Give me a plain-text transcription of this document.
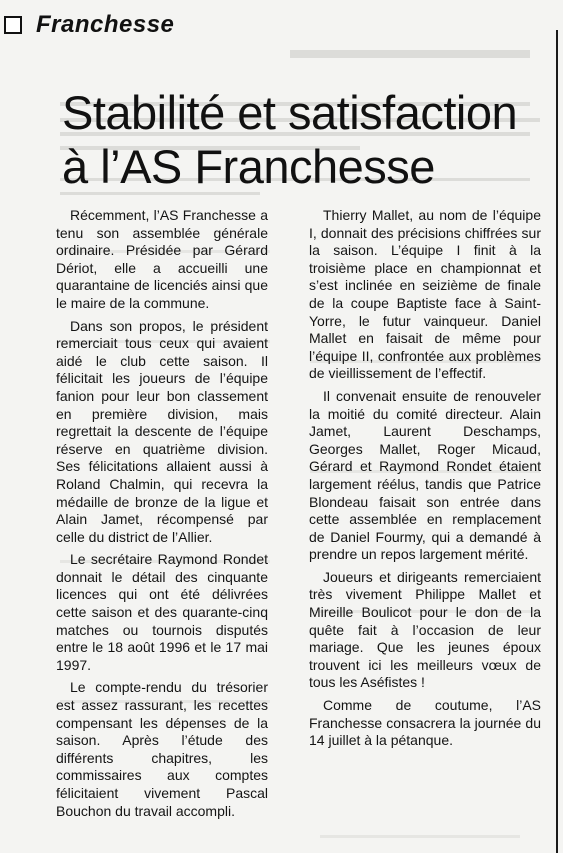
Franchesse
Stabilité et satisfaction
à l’AS Franchesse

Récemment, l’AS Franchesse a tenu son assemblée générale ordinaire. Présidée par Gérard Dériot, elle a accueilli une quarantaine de licenciés ainsi que le maire de la commune.

Dans son propos, le président remerciait tous ceux qui avaient aidé le club cette saison. Il félicitait les joueurs de l’équipe fanion pour leur bon classement en première division, mais regrettait la descente de l’équipe réserve en quatrième division. Ses félicitations allaient aussi à Roland Chalmin, qui recevra la médaille de bronze de la ligue et Alain Jamet, récompensé par celle du district de l’Allier.

Le secrétaire Raymond Rondet donnait le détail des cinquante licences qui ont été délivrées cette saison et des quarante-cinq matches ou tournois disputés entre le 18 août 1996 et le 17 mai 1997.

Le compte-rendu du trésorier est assez rassurant, les recettes compensant les dépenses de la saison. Après l’étude des différents chapitres, les commissaires aux comptes félicitaient vivement Pascal Bouchon du travail accompli.

Thierry Mallet, au nom de l’équipe I, donnait des précisions chiffrées sur la saison. L’équipe I finit à la troisième place en championnat et s’est inclinée en seizième de finale de la coupe Baptiste face à Saint-Yorre, le futur vainqueur. Daniel Mallet en faisait de même pour l’équipe II, confrontée aux problèmes de vieillissement de l’effectif.

Il convenait ensuite de renouveler la moitié du comité directeur. Alain Jamet, Laurent Deschamps, Georges Mallet, Roger Micaud, Gérard et Raymond Rondet étaient largement réélus, tandis que Patrice Blondeau faisait son entrée dans cette assemblée en remplacement de Daniel Fourmy, qui a demandé à prendre un repos largement mérité.

Joueurs et dirigeants remerciaient très vivement Philippe Mallet et Mireille Boulicot pour le don de la quête fait à l’occasion de leur mariage. Que les jeunes époux trouvent ici les meilleurs vœux de tous les Aséfistes !

Comme de coutume, l’AS Franchesse consacrera la journée du 14 juillet à la pétanque.
